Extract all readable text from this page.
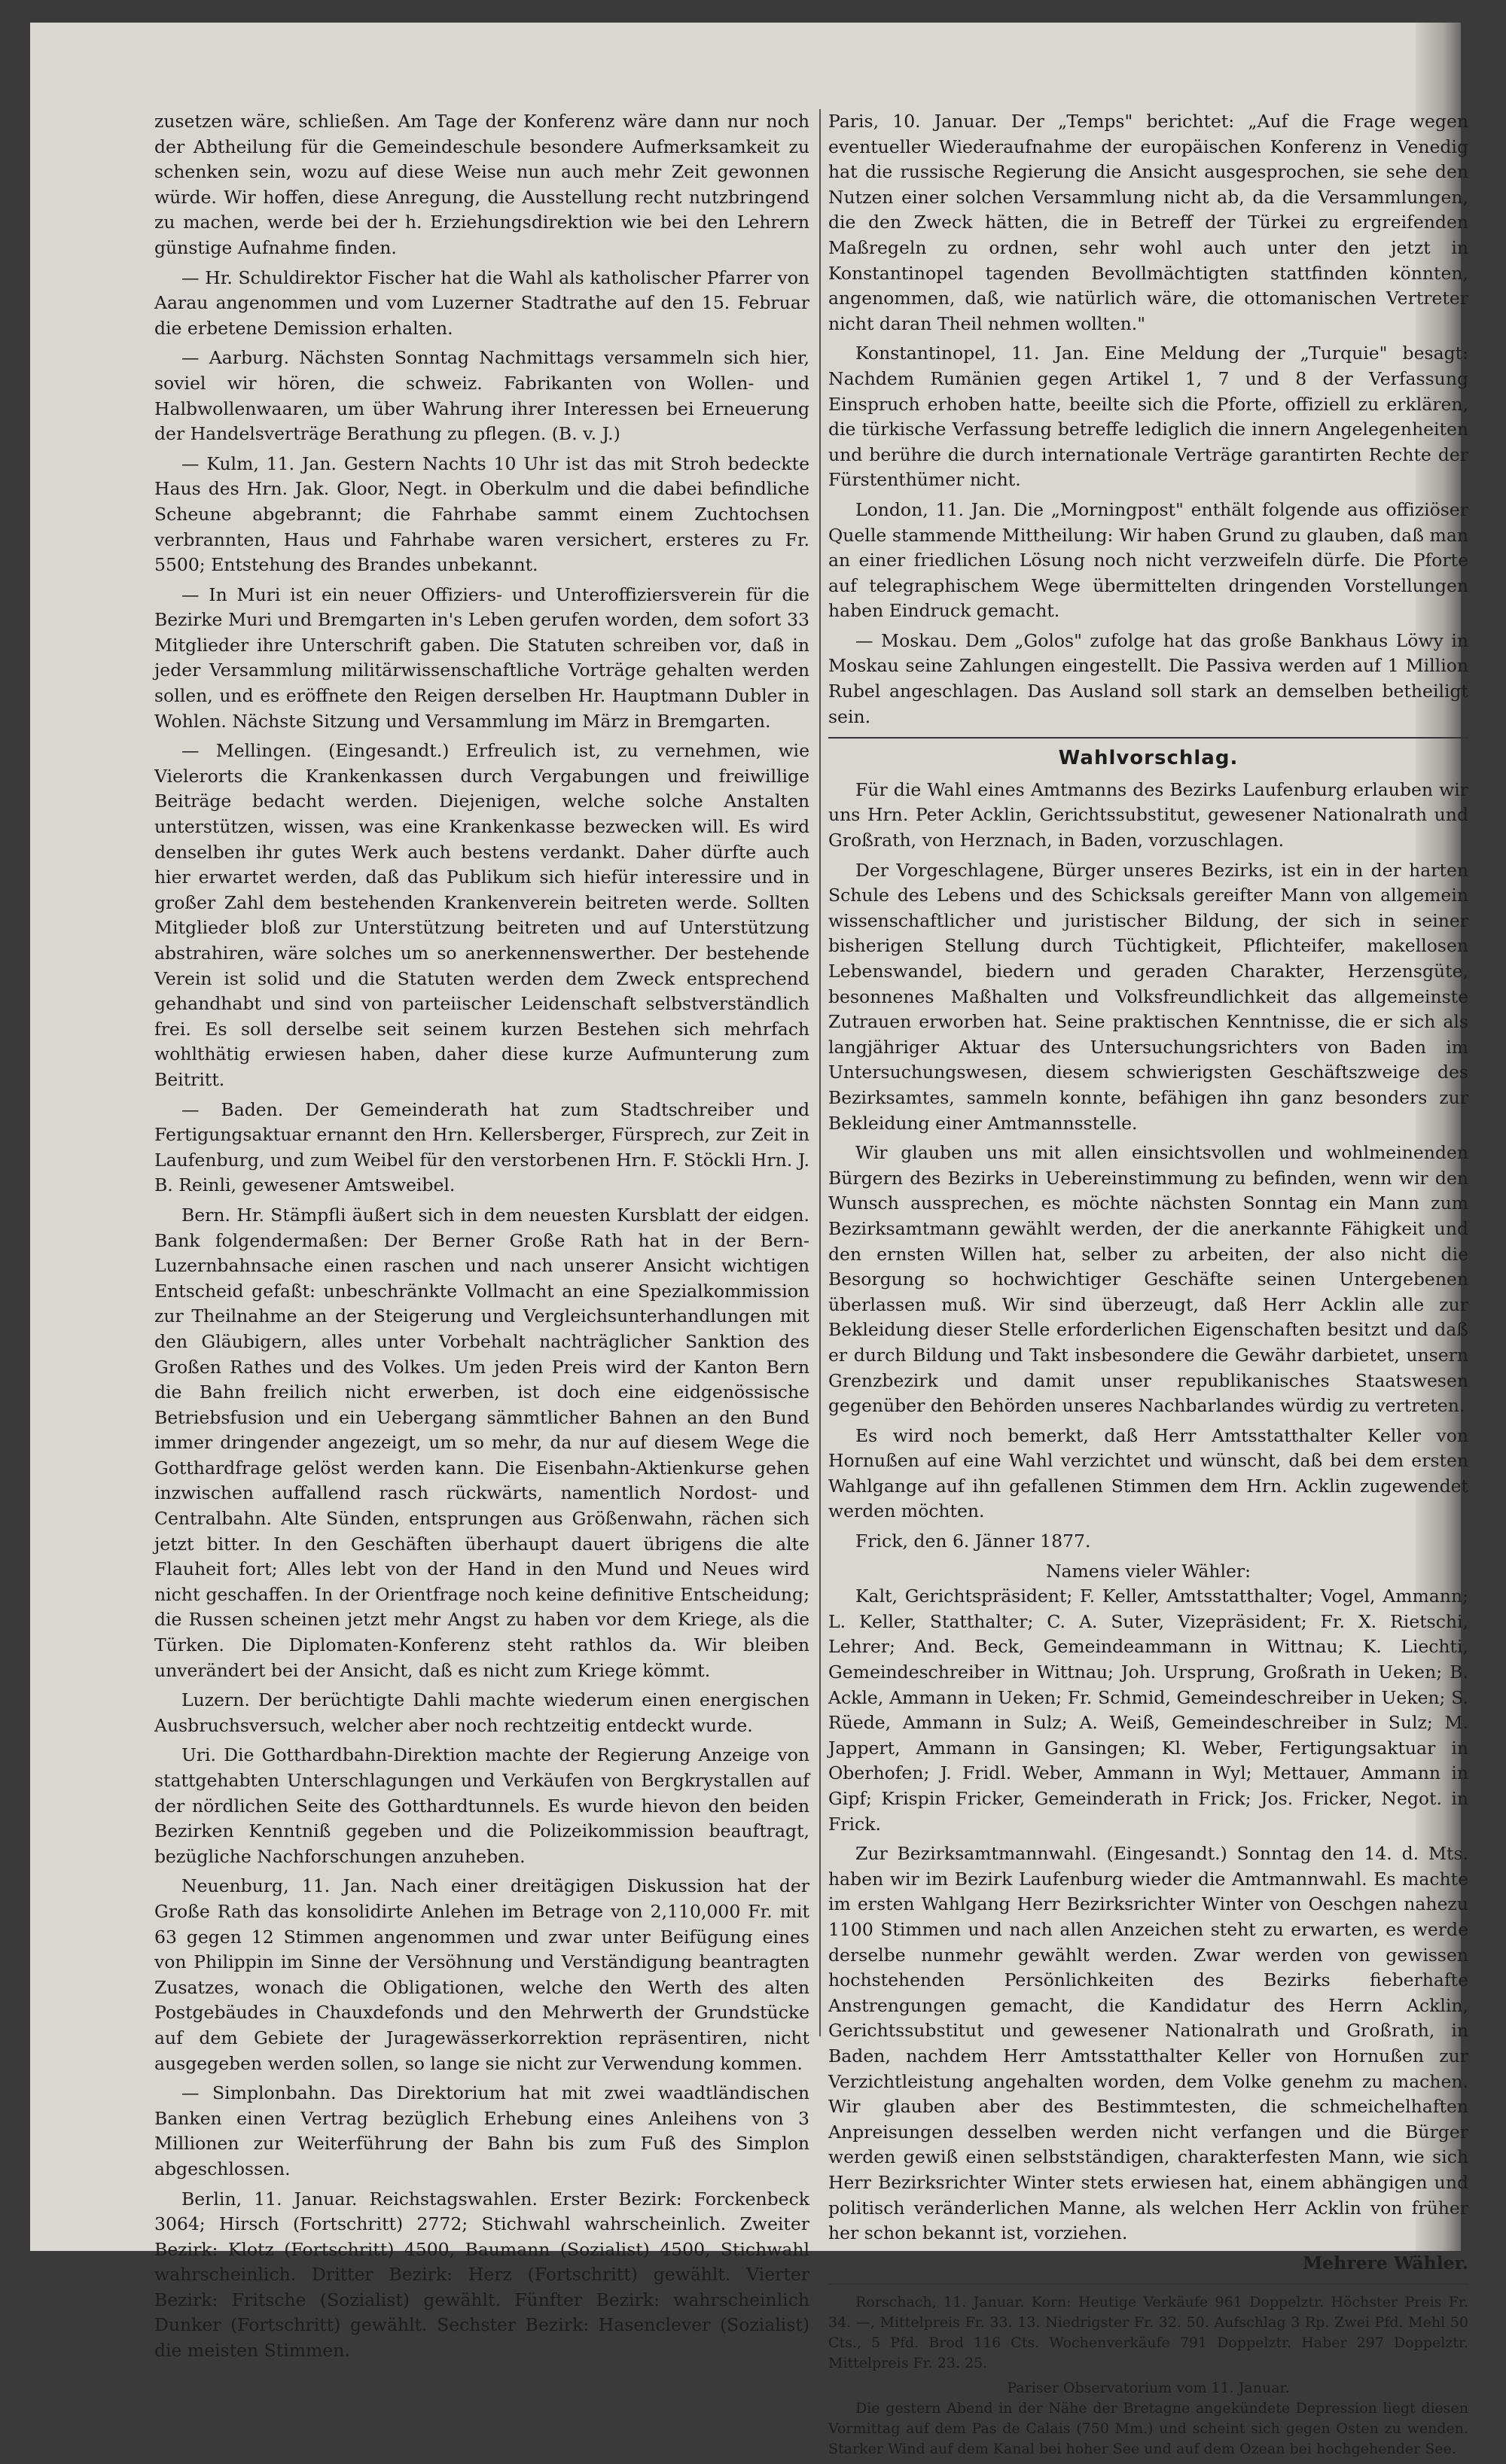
zusetzen wäre, schließen. Am Tage der Konferenz wäre dann nur noch der Abtheilung für die Gemeindeschule besondere Aufmerksamkeit zu schenken sein, wozu auf diese Weise nun auch mehr Zeit gewonnen würde. Wir hoffen, diese Anregung, die Ausstellung recht nutzbringend zu machen, werde bei der h. Erziehungsdirektion wie bei den Lehrern günstige Aufnahme finden.

— Hr. Schuldirektor Fischer hat die Wahl als katholischer Pfarrer von Aarau angenommen und vom Luzerner Stadtrathe auf den 15. Februar die erbetene Demission erhalten.

— Aarburg. Nächsten Sonntag Nachmittags versammeln sich hier, soviel wir hören, die schweiz. Fabrikanten von Wollen- und Halbwollenwaaren, um über Wahrung ihrer Interessen bei Erneuerung der Handelsverträge Berathung zu pflegen. (B. v. J.)

— Kulm, 11. Jan. Gestern Nachts 10 Uhr ist das mit Stroh bedeckte Haus des Hrn. Jak. Gloor, Negt. in Oberkulm und die dabei befindliche Scheune abgebrannt; die Fahrhabe sammt einem Zuchtochsen verbrannten, Haus und Fahrhabe waren versichert, ersteres zu Fr. 5500; Entstehung des Brandes unbekannt.

— In Muri ist ein neuer Offiziers- und Unteroffiziersverein für die Bezirke Muri und Bremgarten in's Leben gerufen worden, dem sofort 33 Mitglieder ihre Unterschrift gaben. Die Statuten schreiben vor, daß in jeder Versammlung militärwissenschaftliche Vorträge gehalten werden sollen, und es eröffnete den Reigen derselben Hr. Hauptmann Dubler in Wohlen. Nächste Sitzung und Versammlung im März in Bremgarten.

— Mellingen. (Eingesandt.) Erfreulich ist, zu vernehmen, wie Vielerorts die Krankenkassen durch Vergabungen und freiwillige Beiträge bedacht werden. Diejenigen, welche solche Anstalten unterstützen, wissen, was eine Krankenkasse bezwecken will. Es wird denselben ihr gutes Werk auch bestens verdankt. Daher dürfte auch hier erwartet werden, daß das Publikum sich hiefür interessire und in großer Zahl dem bestehenden Krankenverein beitreten werde. Sollten Mitglieder bloß zur Unterstützung beitreten und auf Unterstützung abstrahiren, wäre solches um so anerkennenswerther. Der bestehende Verein ist solid und die Statuten werden dem Zweck entsprechend gehandhabt und sind von parteiischer Leidenschaft selbstverständlich frei. Es soll derselbe seit seinem kurzen Bestehen sich mehrfach wohlthätig erwiesen haben, daher diese kurze Aufmunterung zum Beitritt.

— Baden. Der Gemeinderath hat zum Stadtschreiber und Fertigungsaktuar ernannt den Hrn. Kellersberger, Fürsprech, zur Zeit in Laufenburg, und zum Weibel für den verstorbenen Hrn. F. Stöckli Hrn. J. B. Reinli, gewesener Amtsweibel.

Bern. Hr. Stämpfli äußert sich in dem neuesten Kursblatt der eidgen. Bank folgendermaßen: Der Berner Große Rath hat in der Bern-Luzernbahnsache einen raschen und nach unserer Ansicht wichtigen Entscheid gefaßt: unbeschränkte Vollmacht an eine Spezialkommission zur Theilnahme an der Steigerung und Vergleichsunterhandlungen mit den Gläubigern, alles unter Vorbehalt nachträglicher Sanktion des Großen Rathes und des Volkes. Um jeden Preis wird der Kanton Bern die Bahn freilich nicht erwerben, ist doch eine eidgenössische Betriebsfusion und ein Uebergang sämmtlicher Bahnen an den Bund immer dringender angezeigt, um so mehr, da nur auf diesem Wege die Gotthardfrage gelöst werden kann. Die Eisenbahn-Aktienkurse gehen inzwischen auffallend rasch rückwärts, namentlich Nordost- und Centralbahn. Alte Sünden, entsprungen aus Größenwahn, rächen sich jetzt bitter. In den Geschäften überhaupt dauert übrigens die alte Flauheit fort; Alles lebt von der Hand in den Mund und Neues wird nicht geschaffen. In der Orientfrage noch keine definitive Entscheidung; die Russen scheinen jetzt mehr Angst zu haben vor dem Kriege, als die Türken. Die Diplomaten-Konferenz steht rathlos da. Wir bleiben unverändert bei der Ansicht, daß es nicht zum Kriege kömmt.

Luzern. Der berüchtigte Dahli machte wiederum einen energischen Ausbruchsversuch, welcher aber noch rechtzeitig entdeckt wurde.

Uri. Die Gotthardbahn-Direktion machte der Regierung Anzeige von stattgehabten Unterschlagungen und Verkäufen von Bergkrystallen auf der nördlichen Seite des Gotthardtunnels. Es wurde hievon den beiden Bezirken Kenntniß gegeben und die Polizeikommission beauftragt, bezügliche Nachforschungen anzuheben.

Neuenburg, 11. Jan. Nach einer dreitägigen Diskussion hat der Große Rath das konsolidirte Anlehen im Betrage von 2,110,000 Fr. mit 63 gegen 12 Stimmen angenommen und zwar unter Beifügung eines von Philippin im Sinne der Versöhnung und Verständigung beantragten Zusatzes, wonach die Obligationen, welche den Werth des alten Postgebäudes in Chauxdefonds und den Mehrwerth der Grundstücke auf dem Gebiete der Juragewässerkorrektion repräsentiren, nicht ausgegeben werden sollen, so lange sie nicht zur Verwendung kommen.

— Simplonbahn. Das Direktorium hat mit zwei waadtländischen Banken einen Vertrag bezüglich Erhebung eines Anleihens von 3 Millionen zur Weiterführung der Bahn bis zum Fuß des Simplon abgeschlossen.

Berlin, 11. Januar. Reichstagswahlen. Erster Bezirk: Forckenbeck 3064; Hirsch (Fortschritt) 2772; Stichwahl wahrscheinlich. Zweiter Bezirk: Klotz (Fortschritt) 4500, Baumann (Sozialist) 4500, Stichwahl wahrscheinlich. Dritter Bezirk: Herz (Fortschritt) gewählt. Vierter Bezirk: Fritsche (Sozialist) gewählt. Fünfter Bezirk: wahrscheinlich Dunker (Fortschritt) gewählt. Sechster Bezirk: Hasenclever (Sozialist) die meisten Stimmen.

Paris, 10. Januar. Der „Temps" berichtet: „Auf die Frage wegen eventueller Wiederaufnahme der europäischen Konferenz in Venedig hat die russische Regierung die Ansicht ausgesprochen, sie sehe den Nutzen einer solchen Versammlung nicht ab, da die Versammlungen, die den Zweck hätten, die in Betreff der Türkei zu ergreifenden Maßregeln zu ordnen, sehr wohl auch unter den jetzt in Konstantinopel tagenden Bevollmächtigten stattfinden könnten, angenommen, daß, wie natürlich wäre, die ottomanischen Vertreter nicht daran Theil nehmen wollten."

Konstantinopel, 11. Jan. Eine Meldung der „Turquie" besagt: Nachdem Rumänien gegen Artikel 1, 7 und 8 der Verfassung Einspruch erhoben hatte, beeilte sich die Pforte, offiziell zu erklären, die türkische Verfassung betreffe lediglich die innern Angelegenheiten und berühre die durch internationale Verträge garantirten Rechte der Fürstenthümer nicht.

London, 11. Jan. Die „Morningpost" enthält folgende aus offiziöser Quelle stammende Mittheilung: Wir haben Grund zu glauben, daß man an einer friedlichen Lösung noch nicht verzweifeln dürfe. Die Pforte auf telegraphischem Wege übermittelten dringenden Vorstellungen haben Eindruck gemacht.

— Moskau. Dem „Golos" zufolge hat das große Bankhaus Löwy in Moskau seine Zahlungen eingestellt. Die Passiva werden auf 1 Million Rubel angeschlagen. Das Ausland soll stark an demselben betheiligt sein.

Wahlvorschlag.

Für die Wahl eines Amtmanns des Bezirks Laufenburg erlauben wir uns Hrn. Peter Acklin, Gerichtssubstitut, gewesener Nationalrath und Großrath, von Herznach, in Baden, vorzuschlagen.

Der Vorgeschlagene, Bürger unseres Bezirks, ist ein in der harten Schule des Lebens und des Schicksals gereifter Mann von allgemein wissenschaftlicher und juristischer Bildung, der sich in seiner bisherigen Stellung durch Tüchtigkeit, Pflichteifer, makellosen Lebenswandel, biedern und geraden Charakter, Herzensgüte, besonnenes Maßhalten und Volksfreundlichkeit das allgemeinste Zutrauen erworben hat. Seine praktischen Kenntnisse, die er sich als langjähriger Aktuar des Untersuchungsrichters von Baden im Untersuchungswesen, diesem schwierigsten Geschäftszweige des Bezirksamtes, sammeln konnte, befähigen ihn ganz besonders zur Bekleidung einer Amtmannsstelle.

Wir glauben uns mit allen einsichtsvollen und wohlmeinenden Bürgern des Bezirks in Uebereinstimmung zu befinden, wenn wir den Wunsch aussprechen, es möchte nächsten Sonntag ein Mann zum Bezirksamtmann gewählt werden, der die anerkannte Fähigkeit und den ernsten Willen hat, selber zu arbeiten, der also nicht die Besorgung so hochwichtiger Geschäfte seinen Untergebenen überlassen muß. Wir sind überzeugt, daß Herr Acklin alle zur Bekleidung dieser Stelle erforderlichen Eigenschaften besitzt und daß er durch Bildung und Takt insbesondere die Gewähr darbietet, unsern Grenzbezirk und damit unser republikanisches Staatswesen gegenüber den Behörden unseres Nachbarlandes würdig zu vertreten.

Es wird noch bemerkt, daß Herr Amtsstatthalter Keller von Hornußen auf eine Wahl verzichtet und wünscht, daß bei dem ersten Wahlgange auf ihn gefallenen Stimmen dem Hrn. Acklin zugewendet werden möchten.

Frick, den 6. Jänner 1877.

Namens vieler Wähler:

Kalt, Gerichtspräsident; F. Keller, Amtsstatthalter; Vogel, Ammann; L. Keller, Statthalter; C. A. Suter, Vizepräsident; Fr. X. Rietschi, Lehrer; And. Beck, Gemeindeammann in Wittnau; K. Liechti, Gemeindeschreiber in Wittnau; Joh. Ursprung, Großrath in Ueken; B. Ackle, Ammann in Ueken; Fr. Schmid, Gemeindeschreiber in Ueken; S. Rüede, Ammann in Sulz; A. Weiß, Gemeindeschreiber in Sulz; M. Jappert, Ammann in Gansingen; Kl. Weber, Fertigungsaktuar in Oberhofen; J. Fridl. Weber, Ammann in Wyl; Mettauer, Ammann in Gipf; Krispin Fricker, Gemeinderath in Frick; Jos. Fricker, Negot. in Frick.

Zur Bezirksamtmannwahl. (Eingesandt.) Sonntag den 14. d. Mts. haben wir im Bezirk Laufenburg wieder die Amtmannwahl. Es machte im ersten Wahlgang Herr Bezirksrichter Winter von Oeschgen nahezu 1100 Stimmen und nach allen Anzeichen steht zu erwarten, es werde derselbe nunmehr gewählt werden. Zwar werden von gewissen hochstehenden Persönlichkeiten des Bezirks fieberhafte Anstrengungen gemacht, die Kandidatur des Herrn Acklin, Gerichtssubstitut und gewesener Nationalrath und Großrath, in Baden, nachdem Herr Amtsstatthalter Keller von Hornußen zur Verzichtleistung angehalten worden, dem Volke genehm zu machen. Wir glauben aber des Bestimmtesten, die schmeichelhaften Anpreisungen desselben werden nicht verfangen und die Bürger werden gewiß einen selbstständigen, charakterfesten Mann, wie sich Herr Bezirksrichter Winter stets erwiesen hat, einem abhängigen und politisch veränderlichen Manne, als welchen Herr Acklin von früher her schon bekannt ist, vorziehen.

Mehrere Wähler.

Rorschach, 11. Januar. Korn: Heutige Verkäufe 961 Doppelztr. Höchster Preis Fr. 34. —, Mittelpreis Fr. 33. 13. Niedrigster Fr. 32. 50. Aufschlag 3 Rp. Zwei Pfd. Mehl 50 Cts., 5 Pfd. Brod 116 Cts. Wochenverkäufe 791 Doppelztr. Haber 297 Doppelztr. Mittelpreis Fr. 23. 25.

Pariser Observatorium vom 11. Januar.

Die gestern Abend in der Nähe der Bretagne angekündete Depression liegt diesen Vormittag auf dem Pas de Calais (750 Mm.) und scheint sich gegen Osten zu wenden. Starker Wind auf dem Kanal bei hoher See und auf dem Ozean bei hochgehender See.
